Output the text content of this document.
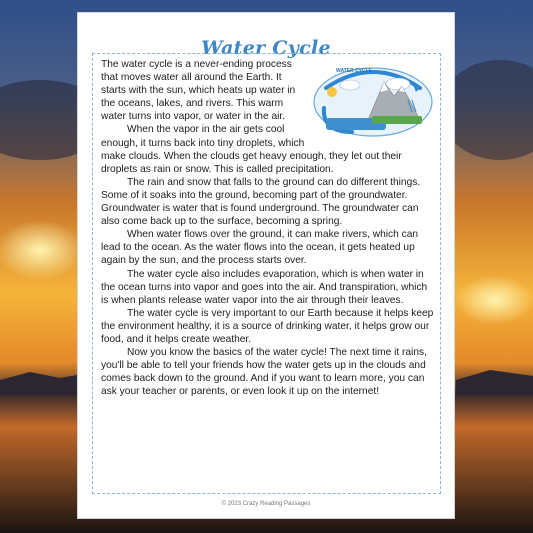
Water Cycle
WATER CYCLE

The water cycle is a never-ending process that moves water all around the Earth. It starts with the sun, which heats up water in the oceans, lakes, and rivers. This warm water turns into vapor, or water in the air.

When the vapor in the air gets cool enough, it turns back into tiny droplets, which make clouds. When the clouds get heavy enough, they let out their droplets as rain or snow. This is called precipitation.

The rain and snow that falls to the ground can do different things. Some of it soaks into the ground, becoming part of the groundwater. Groundwater is water that is found underground. The groundwater can also come back up to the surface, becoming a spring.

When water flows over the ground, it can make rivers, which can lead to the ocean. As the water flows into the ocean, it gets heated up again by the sun, and the process starts over.

The water cycle also includes evaporation, which is when water in the ocean turns into vapor and goes into the air. And transpiration, which is when plants release water vapor into the air through their leaves.

The water cycle is very important to our Earth because it helps keep the environment healthy, it is a source of drinking water, it helps grow our food, and it helps create weather.

Now you know the basics of the water cycle! The next time it rains, you'll be able to tell your friends how the water gets up in the clouds and comes back down to the ground. And if you want to learn more, you can ask your teacher or parents, or even look it up on the internet!

© 2023 Crazy Reading Passages
